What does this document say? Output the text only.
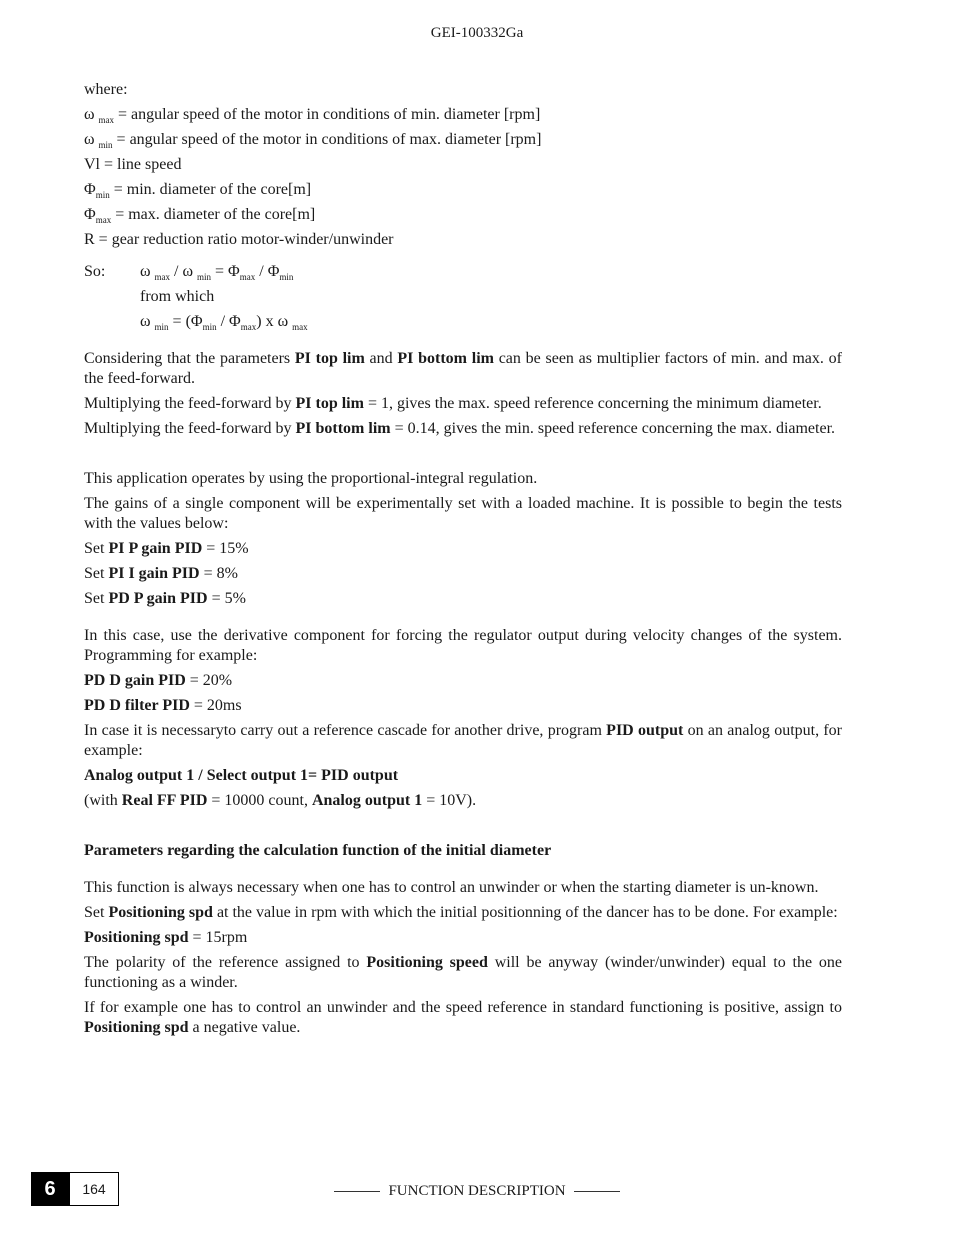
GEI-100332Ga
where:
ω $_{max}$ = angular speed of the motor in conditions of min. diameter [rpm]
ω $_{min}$ = angular speed of the motor in conditions of max. diameter [rpm]
Vl = line speed
$\Phi_{min} = \min$. diameter of the core[m]
$\Phi_{max} = \max$. diameter of the core[m]
R = gear reduction ratio motor-winder/unwinder
So:	ω $_{max}$ / ω $_{min} = \Phi_{max} / \Phi_{min}$
from which
ω $_{min} = (\Phi_{min} / \Phi_{max})$ x ω $_{max}$

Considering that the parameters PI top lim and PI bottom lim can be seen as multiplier factors of min. and max. of the feed-forward.

Multiplying the feed-forward by PI top lim = 1, gives the max. speed reference concerning the minimum diameter.

Multiplying the feed-forward by PI bottom lim = 0.14, gives the min. speed reference concerning the max. diameter.

This application operates by using the proportional-integral regulation.

The gains of a single component will be experimentally set with a loaded machine. It is possible to begin the tests with the values below:

Set PI P gain PID = 15%

Set PI I gain PID = 8%

Set PD P gain PID = 5%

In this case, use the derivative component for forcing the regulator output during velocity changes of the system. Programming for example:

PD D gain PID = 20%

PD D filter PID = 20ms

In case it is necessaryto carry out a reference cascade for another drive, program PID output on an analog output, for example:

Analog output 1 / Select output 1= PID output

(with Real FF PID = 10000 count, Analog output 1 = 10V).

Parameters regarding the calculation function of the initial diameter

This function is always necessary when one has to control an unwinder or when the starting diameter is un-known.

Set Positioning spd at the value in rpm with which the initial positionning of the dancer has to be done. For example:

Positioning spd = 15rpm

The polarity of the reference assigned to Positioning speed will be anyway (winder/unwinder) equal to the one functioning as a winder.

If for example one has to control an unwinder and the speed reference in standard functioning is positive, assign to Positioning spd a negative value.

6	164	FUNCTION DESCRIPTION
